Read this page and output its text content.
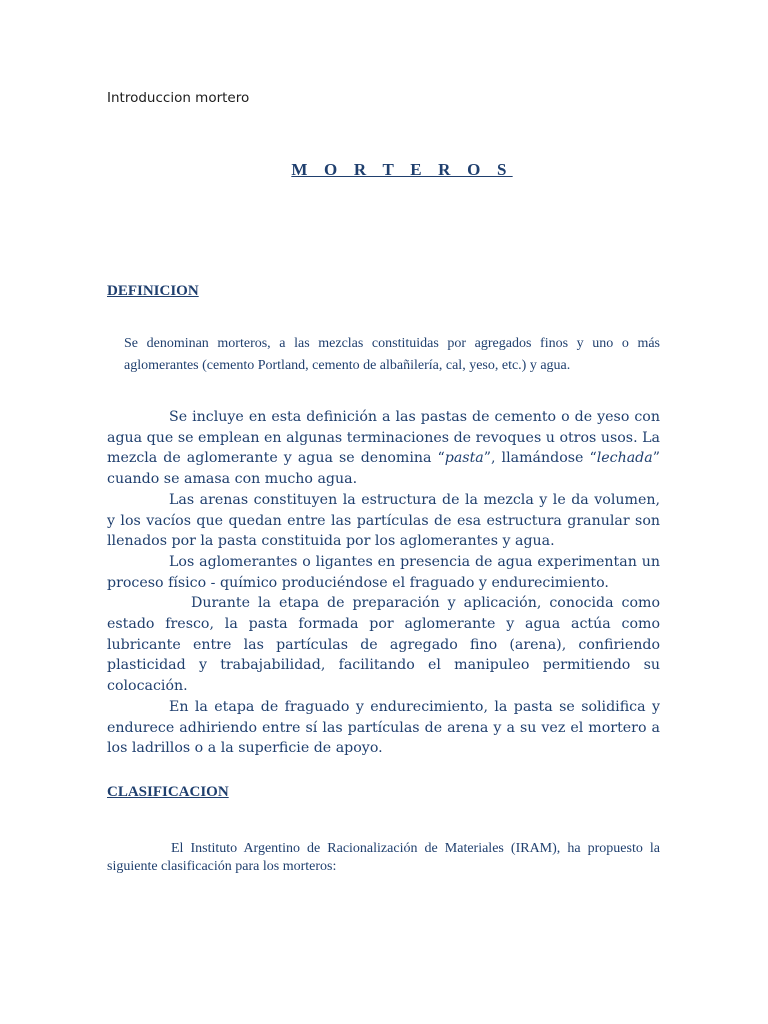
Introduccion mortero
M O R T E R O S
DEFINICION
Se denominan morteros, a las mezclas constituidas por agregados finos y uno o más aglomerantes (cemento Portland, cemento de albañilería, cal, yeso, etc.) y agua.

Se incluye en esta definición a las pastas de cemento o de yeso con agua que se emplean en algunas terminaciones de revoques u otros usos. La mezcla de aglomerante y agua se denomina “pasta”, llamándose “lechada” cuando se amasa con mucho agua.

Las arenas constituyen la estructura de la mezcla y le da volumen, y los vacíos que quedan entre las partículas de esa estructura granular son llenados por la pasta constituida por los aglomerantes y agua.

Los aglomerantes o ligantes en presencia de agua experimentan un proceso físico - químico produciéndose el fraguado y endurecimiento.

Durante la etapa de preparación y aplicación, conocida como estado fresco, la pasta formada por aglomerante y agua actúa como lubricante entre las partículas de agregado fino (arena), confiriendo plasticidad y trabajabilidad, facilitando el manipuleo permitiendo su colocación.

En la etapa de fraguado y endurecimiento, la pasta se solidifica y endurece adhiriendo entre sí las partículas de arena y a su vez el mortero a los ladrillos o a la superficie de apoyo.

CLASIFICACION
El Instituto Argentino de Racionalización de Materiales (IRAM), ha propuesto la siguiente clasificación para los morteros:
